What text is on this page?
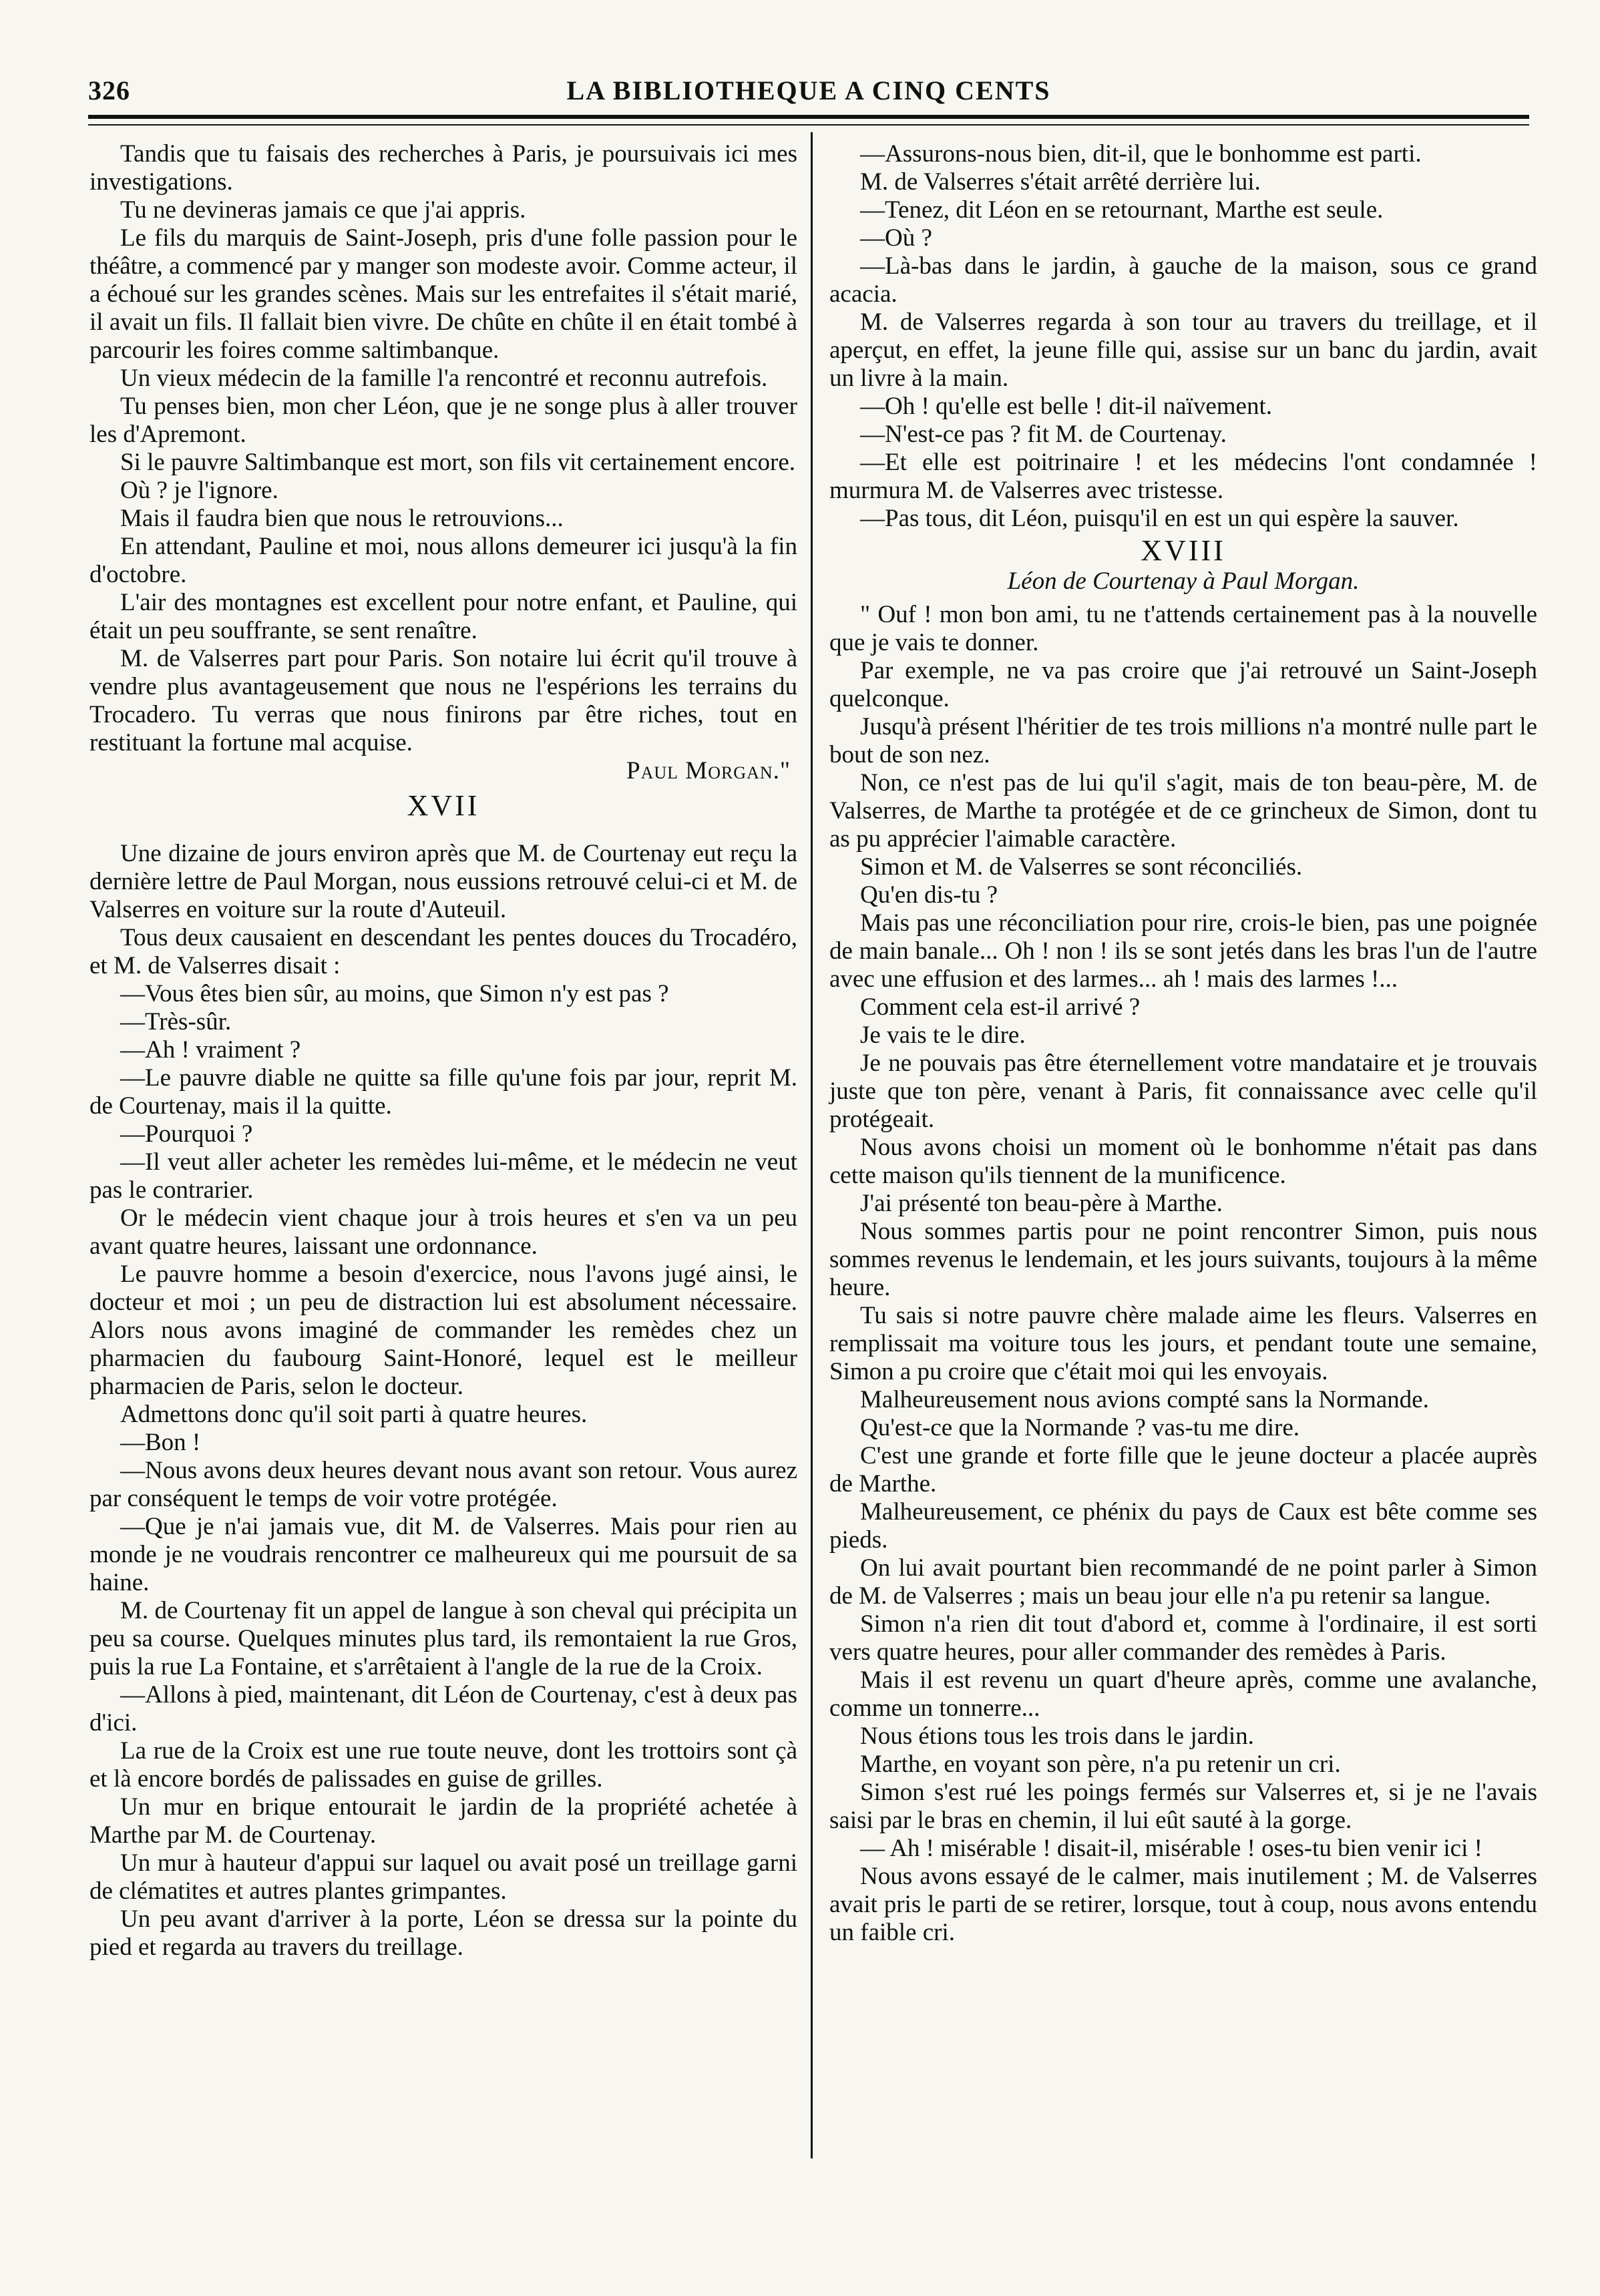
326	LA BIBLIOTHEQUE A CINQ CENTS

Tandis que tu faisais des recherches à Paris, je poursuivais ici mes investigations.

Tu ne devineras jamais ce que j'ai appris.

Le fils du marquis de Saint-Joseph, pris d'une folle passion pour le théâtre, a commencé par y manger son modeste avoir. Comme acteur, il a échoué sur les grandes scènes. Mais sur les entrefaites il s'était marié, il avait un fils. Il fallait bien vivre. De chûte en chûte il en était tombé à parcourir les foires comme saltimbanque.

Un vieux médecin de la famille l'a rencontré et reconnu autrefois.

Tu penses bien, mon cher Léon, que je ne songe plus à aller trouver les d'Apremont.

Si le pauvre Saltimbanque est mort, son fils vit certainement encore.

Où ? je l'ignore.

Mais il faudra bien que nous le retrouvions...

En attendant, Pauline et moi, nous allons demeurer ici jusqu'à la fin d'octobre.

L'air des montagnes est excellent pour notre enfant, et Pauline, qui était un peu souffrante, se sent renaître.

M. de Valserres part pour Paris. Son notaire lui écrit qu'il trouve à vendre plus avantageusement que nous ne l'espérions les terrains du Trocadero. Tu verras que nous finirons par être riches, tout en restituant la fortune mal acquise.

Paul Morgan."

XVII

Une dizaine de jours environ après que M. de Courtenay eut reçu la dernière lettre de Paul Morgan, nous eussions retrouvé celui-ci et M. de Valserres en voiture sur la route d'Auteuil.

Tous deux causaient en descendant les pentes douces du Trocadéro, et M. de Valserres disait :

—Vous êtes bien sûr, au moins, que Simon n'y est pas ?

—Très-sûr.

—Ah ! vraiment ?

—Le pauvre diable ne quitte sa fille qu'une fois par jour, reprit M. de Courtenay, mais il la quitte.

—Pourquoi ?

—Il veut aller acheter les remèdes lui-même, et le médecin ne veut pas le contrarier.

Or le médecin vient chaque jour à trois heures et s'en va un peu avant quatre heures, laissant une ordonnance.

Le pauvre homme a besoin d'exercice, nous l'avons jugé ainsi, le docteur et moi ; un peu de distraction lui est absolument nécessaire. Alors nous avons imaginé de commander les remèdes chez un pharmacien du faubourg Saint-Honoré, lequel est le meilleur pharmacien de Paris, selon le docteur.

Admettons donc qu'il soit parti à quatre heures.

—Bon !

—Nous avons deux heures devant nous avant son retour. Vous aurez par conséquent le temps de voir votre protégée.

—Que je n'ai jamais vue, dit M. de Valserres. Mais pour rien au monde je ne voudrais rencontrer ce malheureux qui me poursuit de sa haine.

M. de Courtenay fit un appel de langue à son cheval qui précipita un peu sa course. Quelques minutes plus tard, ils remontaient la rue Gros, puis la rue La Fontaine, et s'arrêtaient à l'angle de la rue de la Croix.

—Allons à pied, maintenant, dit Léon de Courtenay, c'est à deux pas d'ici.

La rue de la Croix est une rue toute neuve, dont les trottoirs sont çà et là encore bordés de palissades en guise de grilles.

Un mur en brique entourait le jardin de la propriété achetée à Marthe par M. de Courtenay.

Un mur à hauteur d'appui sur laquel ou avait posé un treillage garni de clématites et autres plantes grimpantes.

Un peu avant d'arriver à la porte, Léon se dressa sur la pointe du pied et regarda au travers du treillage.

—Assurons-nous bien, dit-il, que le bonhomme est parti.

M. de Valserres s'était arrêté derrière lui.

—Tenez, dit Léon en se retournant, Marthe est seule.

—Où ?

—Là-bas dans le jardin, à gauche de la maison, sous ce grand acacia.

M. de Valserres regarda à son tour au travers du treillage, et il aperçut, en effet, la jeune fille qui, assise sur un banc du jardin, avait un livre à la main.

—Oh ! qu'elle est belle ! dit-il naïvement.

—N'est-ce pas ? fit M. de Courtenay.

—Et elle est poitrinaire ! et les médecins l'ont condamnée ! murmura M. de Valserres avec tristesse.

—Pas tous, dit Léon, puisqu'il en est un qui espère la sauver.

XVIII

Léon de Courtenay à Paul Morgan.

" Ouf ! mon bon ami, tu ne t'attends certainement pas à la nouvelle que je vais te donner.

Par exemple, ne va pas croire que j'ai retrouvé un Saint-Joseph quelconque.

Jusqu'à présent l'héritier de tes trois millions n'a montré nulle part le bout de son nez.

Non, ce n'est pas de lui qu'il s'agit, mais de ton beau-père, M. de Valserres, de Marthe ta protégée et de ce grincheux de Simon, dont tu as pu apprécier l'aimable caractère.

Simon et M. de Valserres se sont réconciliés.

Qu'en dis-tu ?

Mais pas une réconciliation pour rire, crois-le bien, pas une poignée de main banale... Oh ! non ! ils se sont jetés dans les bras l'un de l'autre avec une effusion et des larmes... ah ! mais des larmes !...

Comment cela est-il arrivé ?

Je vais te le dire.

Je ne pouvais pas être éternellement votre mandataire et je trouvais juste que ton père, venant à Paris, fit connaissance avec celle qu'il protégeait.

Nous avons choisi un moment où le bonhomme n'était pas dans cette maison qu'ils tiennent de la munificence.

J'ai présenté ton beau-père à Marthe.

Nous sommes partis pour ne point rencontrer Simon, puis nous sommes revenus le lendemain, et les jours suivants, toujours à la même heure.

Tu sais si notre pauvre chère malade aime les fleurs. Valserres en remplissait ma voiture tous les jours, et pendant toute une semaine, Simon a pu croire que c'était moi qui les envoyais.

Malheureusement nous avions compté sans la Normande.

Qu'est-ce que la Normande ? vas-tu me dire.

C'est une grande et forte fille que le jeune docteur a placée auprès de Marthe.

Malheureusement, ce phénix du pays de Caux est bête comme ses pieds.

On lui avait pourtant bien recommandé de ne point parler à Simon de M. de Valserres ; mais un beau jour elle n'a pu retenir sa langue.

Simon n'a rien dit tout d'abord et, comme à l'ordinaire, il est sorti vers quatre heures, pour aller commander des remèdes à Paris.

Mais il est revenu un quart d'heure après, comme une avalanche, comme un tonnerre...

Nous étions tous les trois dans le jardin.

Marthe, en voyant son père, n'a pu retenir un cri.

Simon s'est rué les poings fermés sur Valserres et, si je ne l'avais saisi par le bras en chemin, il lui eût sauté à la gorge.

— Ah ! misérable ! disait-il, misérable ! oses-tu bien venir ici !

Nous avons essayé de le calmer, mais inutilement ; M. de Valserres avait pris le parti de se retirer, lorsque, tout à coup, nous avons entendu un faible cri.
